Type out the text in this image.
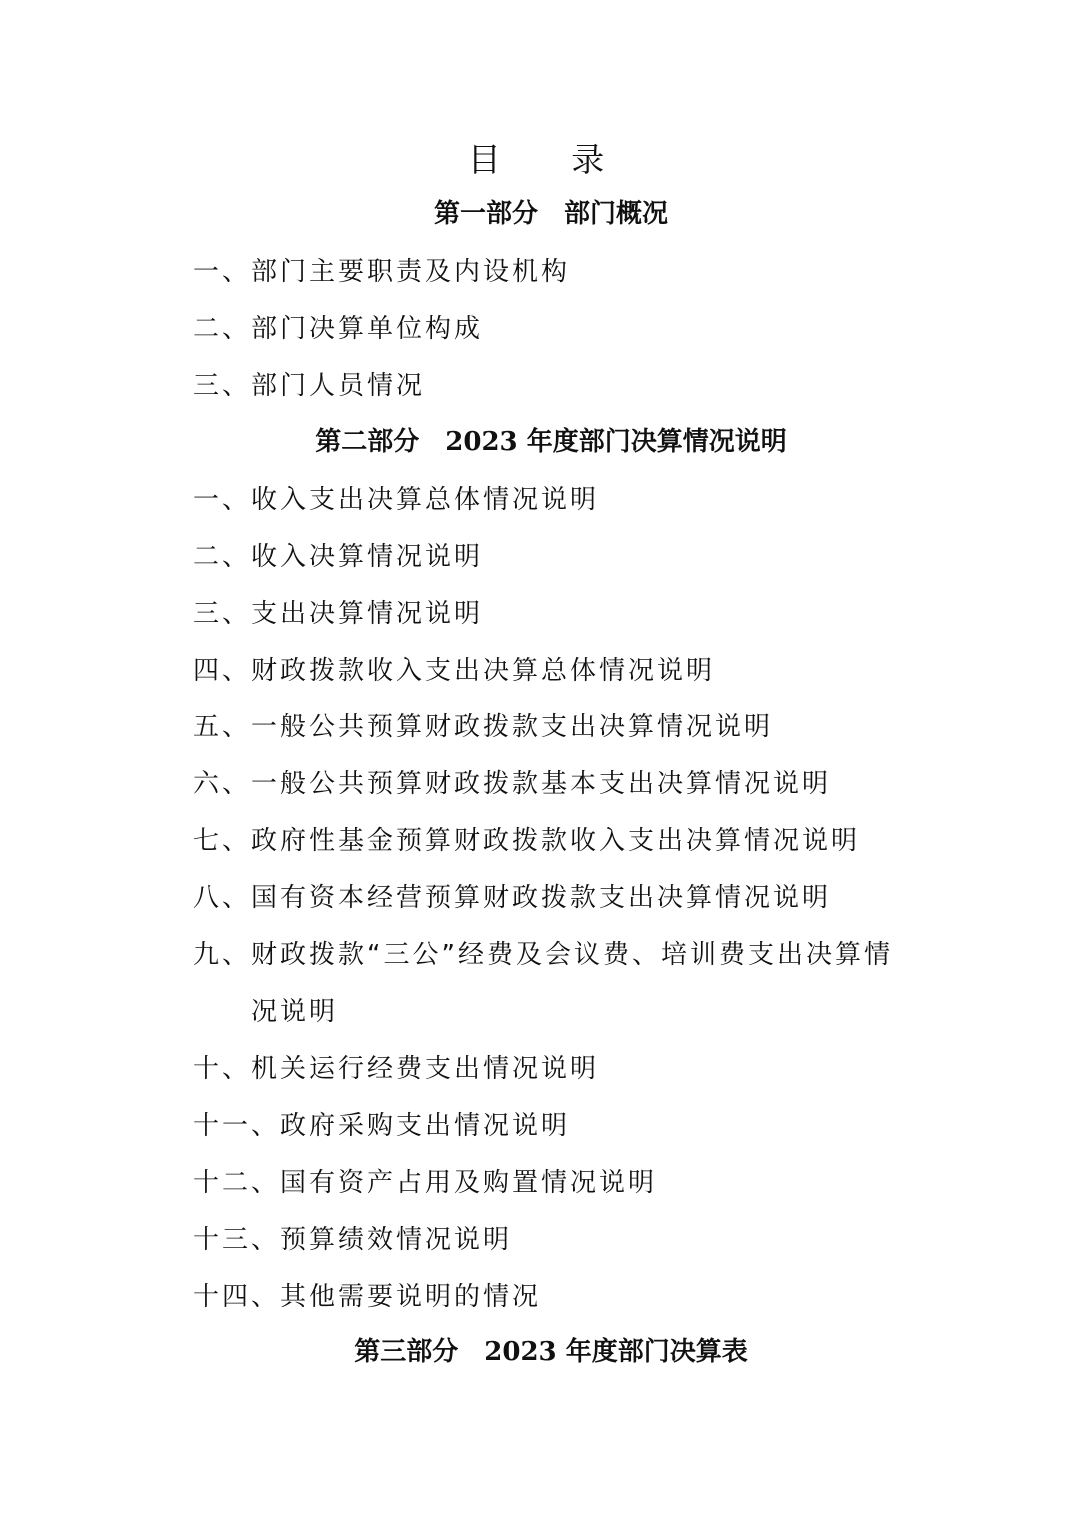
目 录
第一部分　部门概况
一、部门主要职责及内设机构
二、部门决算单位构成
三、部门人员情况
第二部分　2023 年度部门决算情况说明
一、收入支出决算总体情况说明
二、收入决算情况说明
三、支出决算情况说明
四、财政拨款收入支出决算总体情况说明
五、一般公共预算财政拨款支出决算情况说明
六、一般公共预算财政拨款基本支出决算情况说明
七、政府性基金预算财政拨款收入支出决算情况说明
八、国有资本经营预算财政拨款支出决算情况说明
九、财政拨款“三公”经费及会议费、培训费支出决算情
况说明
十、机关运行经费支出情况说明
十一、政府采购支出情况说明
十二、国有资产占用及购置情况说明
十三、预算绩效情况说明
十四、其他需要说明的情况
第三部分　2023 年度部门决算表
